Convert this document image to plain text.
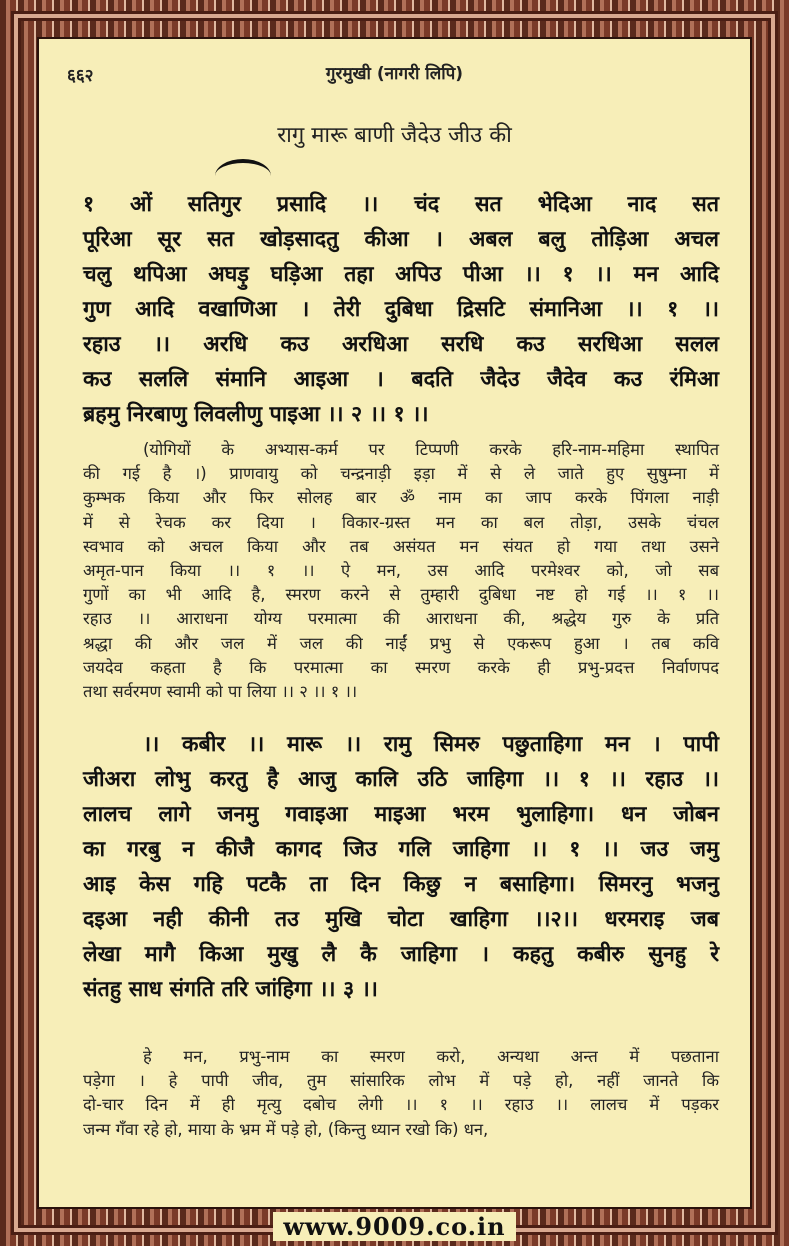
६६२	गुरमुखी (नागरी लिपि)
रागु मारू बाणी जैदेउ जीउ की

१ ओं सतिगुर प्रसादि ।। चंद सत भेदिआ नाद सत

पूरिआ सूर सत खोड़सादतु कीआ । अबल बलु तोड़िआ अचल

चलु थपिआ अघड़ु घड़िआ तहा अपिउ पीआ ।। १ ।। मन आदि

गुण आदि वखाणिआ । तेरी दुबिधा द्रिसटि संमानिआ ।। १ ।।

रहाउ ।। अरधि कउ अरधिआ सरधि कउ सरधिआ सलल

कउ सललि संमानि आइआ । बदति जैदेउ जैदेव कउ रंमिआ

ब्रहमु निरबाणु लिवलीणु पाइआ ।। २ ।। १ ।।

(योगियों के अभ्यास-कर्म पर टिप्पणी करके हरि-नाम-महिमा स्थापित

की गई है ।) प्राणवायु को चन्द्रनाड़ी इड़ा में से ले जाते हुए सुषुम्ना में

कुम्भक किया और फिर सोलह बार ॐ नाम का जाप करके पिंगला नाड़ी

में से रेचक कर दिया । विकार-ग्रस्त मन का बल तोड़ा, उसके चंचल

स्वभाव को अचल किया और तब असंयत मन संयत हो गया तथा उसने

अमृत-पान किया ।। १ ।। ऐ मन, उस आदि परमेश्वर को, जो सब

गुणों का भी आदि है, स्मरण करने से तुम्हारी दुबिधा नष्ट हो गई ।। १ ।।

रहाउ ।। आराधना योग्य परमात्मा की आराधना की, श्रद्धेय गुरु के प्रति

श्रद्धा की और जल में जल की नाईं प्रभु से एकरूप हुआ । तब कवि

जयदेव कहता है कि परमात्मा का स्मरण करके ही प्रभु-प्रदत्त निर्वाणपद

तथा सर्वरमण स्वामी को पा लिया ।। २ ।। १ ।।

।। कबीर ।। मारू ।। रामु सिमरु पछुताहिगा मन । पापी

जीअरा लोभु करतु है आजु कालि उठि जाहिगा ।। १ ।। रहाउ ।।

लालच लागे जनमु गवाइआ माइआ भरम भुलाहिगा। धन जोबन

का गरबु न कीजै कागद जिउ गलि जाहिगा ।। १ ।। जउ जमु

आइ केस गहि पटकै ता दिन किछु न बसाहिगा। सिमरनु भजनु

दइआ नही कीनी तउ मुखि चोटा खाहिगा ।।२।। धरमराइ जब

लेखा मागै किआ मुखु लै कै जाहिगा । कहतु कबीरु सुनहु रे

संतहु साध संगति तरि जांहिगा ।। ३ ।।

हे मन, प्रभु-नाम का स्मरण करो, अन्यथा अन्त में पछताना

पड़ेगा । हे पापी जीव, तुम सांसारिक लोभ में पड़े हो, नहीं जानते कि

दो-चार दिन में ही मृत्यु दबोच लेगी ।। १ ।। रहाउ ।। लालच में पड़कर

जन्म गँवा रहे हो, माया के भ्रम में पड़े हो, (किन्तु ध्यान रखो कि) धन,

www.9009.co.in
